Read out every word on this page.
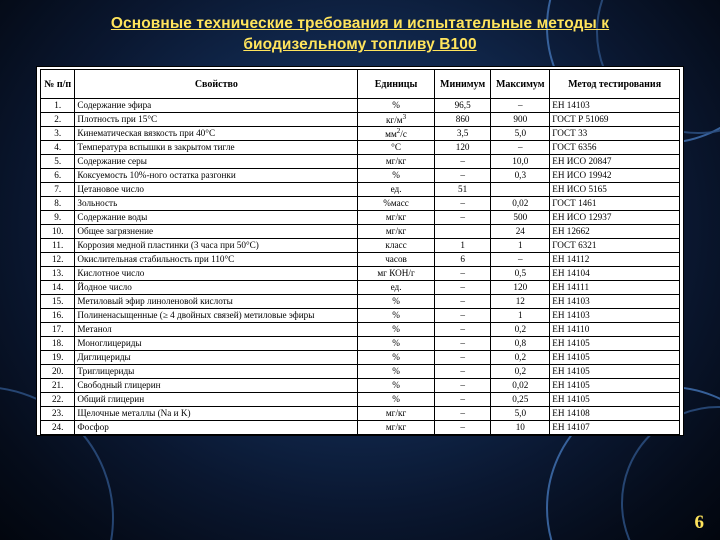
Основные технические требования и испытательные методы к биодизельному топливу B100
№ п/п	Свойство	Единицы	Минимум	Максимум	Метод тестирования
1.	Содержание эфира	%	96,5	–	ЕН 14103
2.	Плотность при 15°С	$кг/м^3$	860	900	ГОСТ Р 51069
3.	Кинематическая вязкость при 40°С	$мм^2/с$	3,5	5,0	ГОСТ 33
4.	Температура вспышки в закрытом тигле	°С	120	–	ГОСТ 6356
5.	Содержание серы	мг/кг	–	10,0	ЕН ИСО 20847
6.	Коксуемость 10%-ного остатка разгонки	%	–	0,3	ЕН ИСО 19942
7.	Цетановое число	ед.	51		ЕН ИСО 5165
8.	Зольность	%масс	–	0,02	ГОСТ 1461
9.	Содержание воды	мг/кг	–	500	ЕН ИСО 12937
10.	Общее загрязнение	мг/кг		24	ЕН 12662
11.	Коррозия медной пластинки (3 часа при 50°С)	класс	1	1	ГОСТ 6321
12.	Окислительная стабильность при 110°С	часов	6	–	ЕН 14112
13.	Кислотное число	мг КОН/г	–	0,5	ЕН 14104
14.	Йодное число	ед.	–	120	ЕН 14111
15.	Метиловый эфир линоленовой кислоты	%	–	12	ЕН 14103
16.	Полиненасыщенные (≥ 4 двойных связей) метиловые эфиры	%	–	1	ЕН 14103
17.	Метанол	%	–	0,2	ЕН 14110
18.	Моноглицериды	%	–	0,8	ЕН 14105
19.	Диглицериды	%	–	0,2	ЕН 14105
20.	Триглицериды	%	–	0,2	ЕН 14105
21.	Свободный глицерин	%	–	0,02	ЕН 14105
22.	Общий глицерин	%	–	0,25	ЕН 14105
23.	Щелочные металлы (Na и K)	мг/кг	–	5,0	ЕН 14108
24.	Фосфор	мг/кг	–	10	ЕН 14107
6
